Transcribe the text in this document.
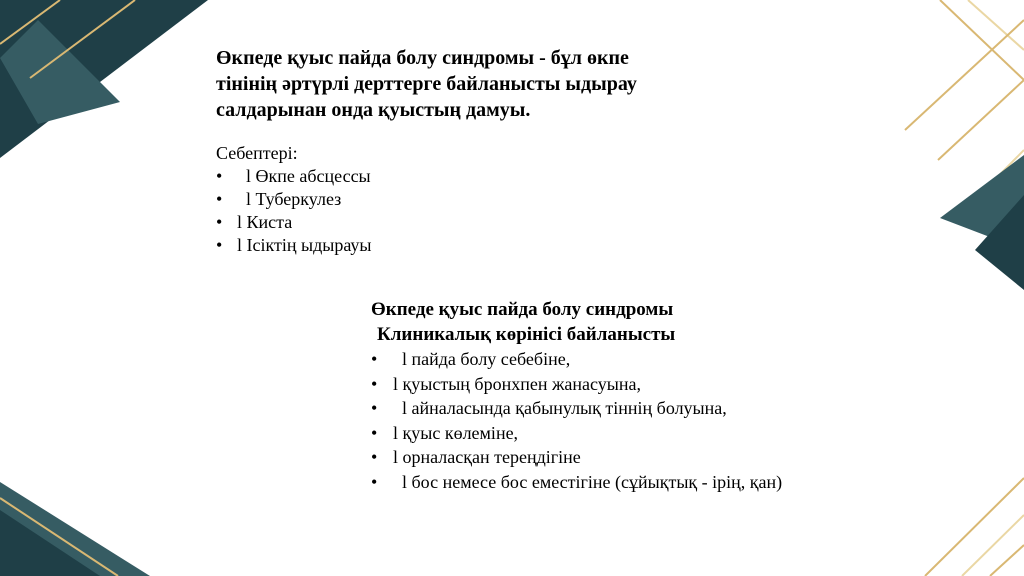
Өкпеде қуыс пайда болу синдромы - бұл өкпе

тінінің әртүрлі дерттерге байланысты ыдырау

салдарынан онда қуыстың дамуы.

Себептері:

• l Өкпе абсцессы
• l Туберкулез
• l Киста
• l Ісіктің ыдырауы

Өкпеде қуыс пайда болу синдромы

Клиникалық көрінісі байланысты

• l пайда болу себебіне,
• l қуыстың бронхпен жанасуына,
• l айналасында қабынулық тіннің болуына,
• l қуыс көлеміне,
• l орналасқан тереңдігіне
• l бос немесе бос еместігіне (сұйықтық - ірің, қан)
